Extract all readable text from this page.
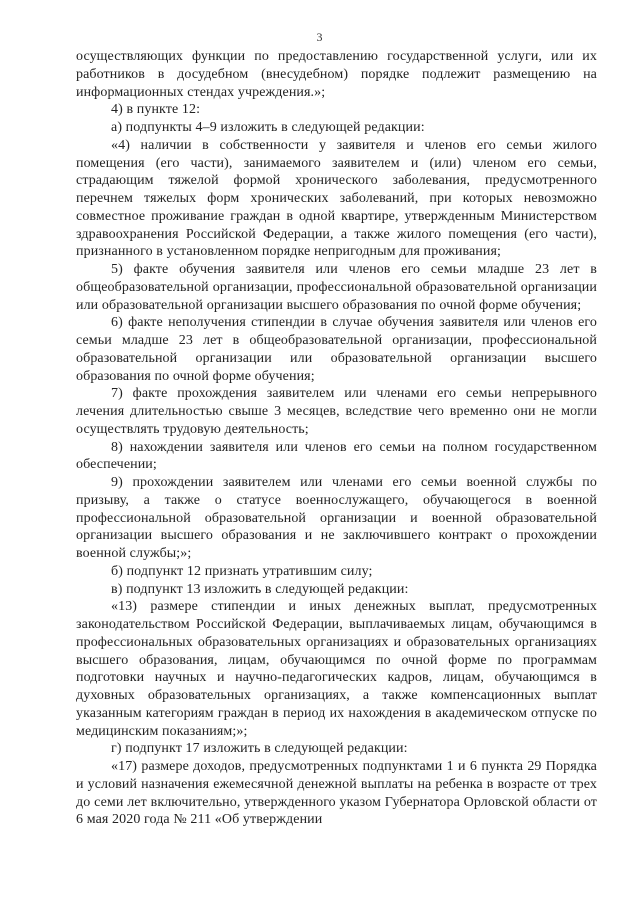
3

осуществляющих функции по предоставлению государственной услуги, или их работников в досудебном (внесудебном) порядке подлежит размещению на информационных стендах учреждения.»;

4) в пункте 12:

а) подпункты 4–9 изложить в следующей редакции:

«4) наличии в собственности у заявителя и членов его семьи жилого помещения (его части), занимаемого заявителем и (или) членом его семьи, страдающим тяжелой формой хронического заболевания, предусмотренного перечнем тяжелых форм хронических заболеваний, при которых невозможно совместное проживание граждан в одной квартире, утвержденным Министерством здравоохранения Российской Федерации, а также жилого помещения (его части), признанного в установленном порядке непригодным для проживания;

5) факте обучения заявителя или членов его семьи младше 23 лет в общеобразовательной организации, профессиональной образовательной организации или образовательной организации высшего образования по очной форме обучения;

6) факте неполучения стипендии в случае обучения заявителя или членов его семьи младше 23 лет в общеобразовательной организации, профессиональной образовательной организации или образовательной организации высшего образования по очной форме обучения;

7) факте прохождения заявителем или членами его семьи непрерывного лечения длительностью свыше 3 месяцев, вследствие чего временно они не могли осуществлять трудовую деятельность;

8) нахождении заявителя или членов его семьи на полном государственном обеспечении;

9) прохождении заявителем или членами его семьи военной службы по призыву, а также о статусе военнослужащего, обучающегося в военной профессиональной образовательной организации и военной образовательной организации высшего образования и не заключившего контракт о прохождении военной службы;»;

б) подпункт 12 признать утратившим силу;

в) подпункт 13 изложить в следующей редакции:

«13) размере стипендии и иных денежных выплат, предусмотренных законодательством Российской Федерации, выплачиваемых лицам, обучающимся в профессиональных образовательных организациях и образовательных организациях высшего образования, лицам, обучающимся по очной форме по программам подготовки научных и научно-педагогических кадров, лицам, обучающимся в духовных образовательных организациях, а также компенсационных выплат указанным категориям граждан в период их нахождения в академическом отпуске по медицинским показаниям;»;

г) подпункт 17 изложить в следующей редакции:

«17) размере доходов, предусмотренных подпунктами 1 и 6 пункта 29 Порядка и условий назначения ежемесячной денежной выплаты на ребенка в возрасте от трех до семи лет включительно, утвержденного указом Губернатора Орловской области от 6 мая 2020 года № 211 «Об утверждении
